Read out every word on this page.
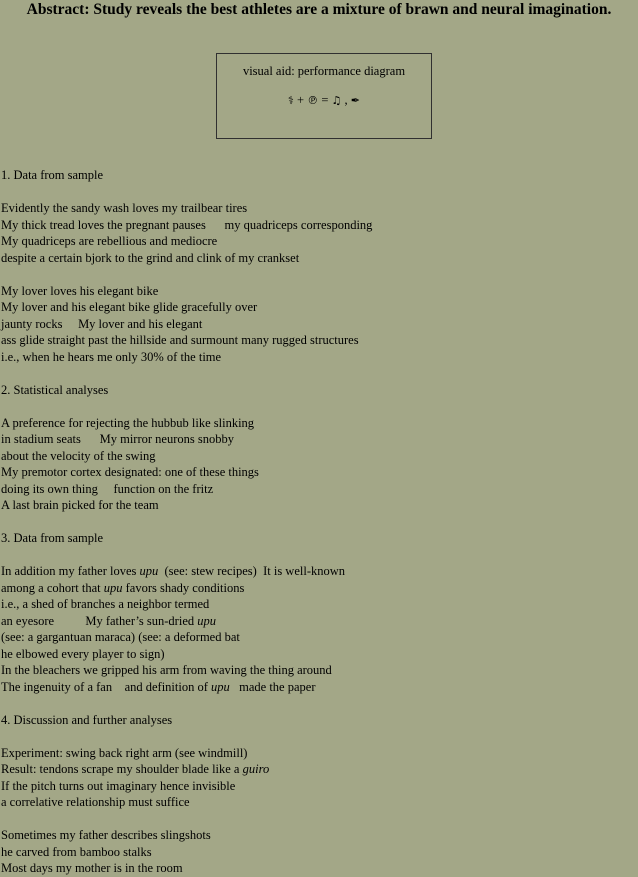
Abstract: Study reveals the best athletes are a mixture of brawn and neural imagination.
visual aid: performance diagram
⚕ + ℗ = ♫ , ✒
1. Data from sample
Evidently the sandy wash loves my trailbear tires
My thick tread loves the pregnant pauses      my quadriceps corresponding
My quadriceps are rebellious and mediocre
despite a certain bjork to the grind and clink of my crankset
My lover loves his elegant bike
My lover and his elegant bike glide gracefully over
jaunty rocks     My lover and his elegant
ass glide straight past the hillside and surmount many rugged structures
i.e., when he hears me only 30% of the time
2. Statistical analyses
A preference for rejecting the hubbub like slinking
in stadium seats      My mirror neurons snobby
about the velocity of the swing
My premotor cortex designated: one of these things
doing its own thing     function on the fritz
A last brain picked for the team
3. Data from sample
In addition my father loves upu  (see: stew recipes)  It is well-known
among a cohort that upu favors shady conditions
i.e., a shed of branches a neighbor termed
an eyesore          My father’s sun-dried upu
(see: a gargantuan maraca) (see: a deformed bat
he elbowed every player to sign)
In the bleachers we gripped his arm from waving the thing around
The ingenuity of a fan    and definition of upu   made the paper
4. Discussion and further analyses
Experiment: swing back right arm (see windmill)
Result: tendons scrape my shoulder blade like a guiro
If the pitch turns out imaginary hence invisible
a correlative relationship must suffice
Sometimes my father describes slingshots
he carved from bamboo stalks
Most days my mother is in the room
